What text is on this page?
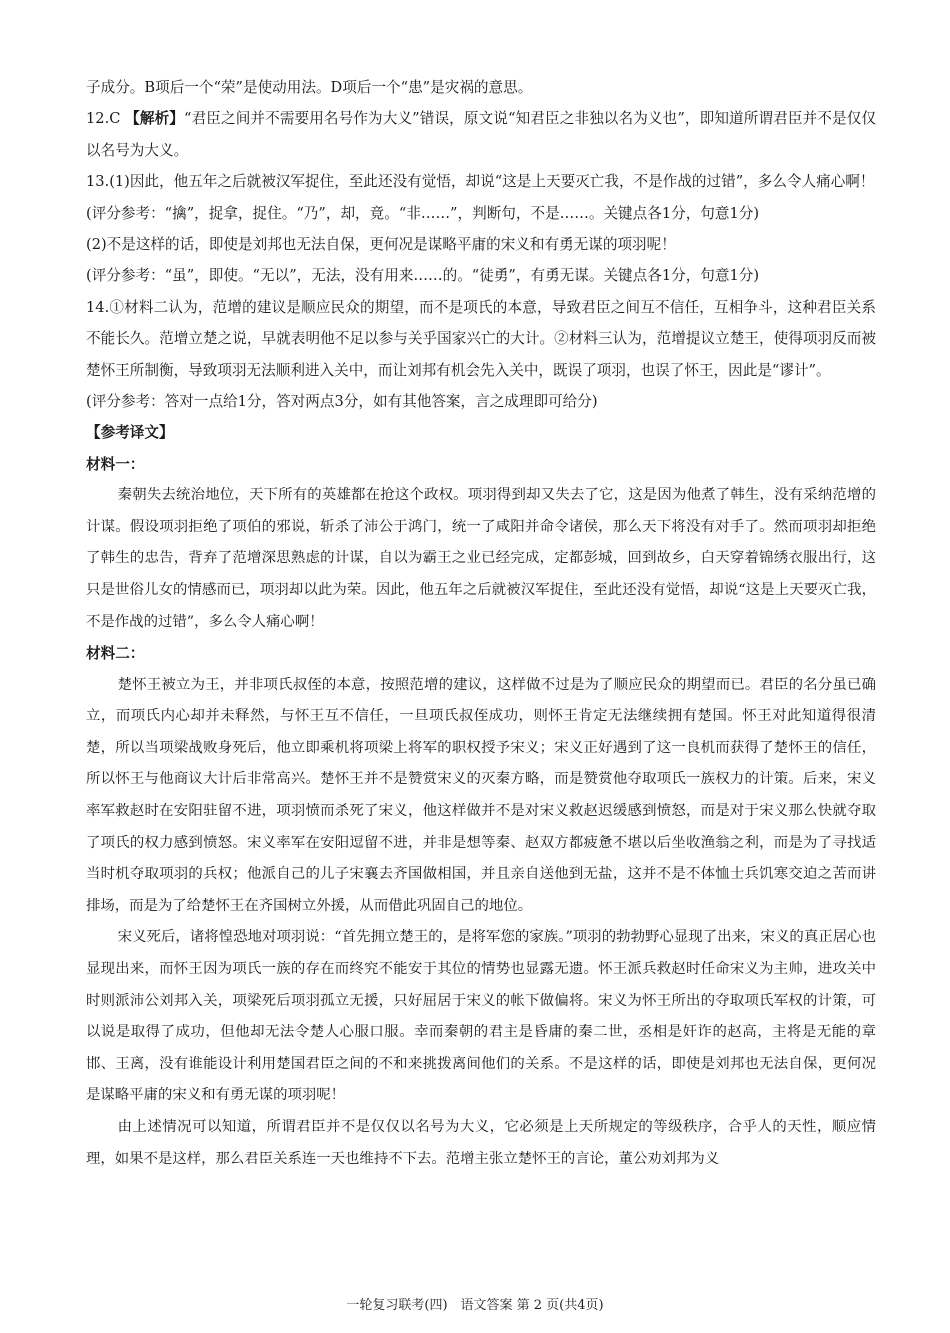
子成分。B项后一个“荣”是使动用法。D项后一个“患”是灾祸的意思。

12.C 【解析】“君臣之间并不需要用名号作为大义”错误，原文说“知君臣之非独以名为义也”，即知道所谓君臣并不是仅仅以名号为大义。

13.(1)因此，他五年之后就被汉军捉住，至此还没有觉悟，却说“这是上天要灭亡我，不是作战的过错”，多么令人痛心啊！

(评分参考：“擒”，捉拿，捉住。“乃”，却，竟。“非……”，判断句，不是……。关键点各1分，句意1分)

(2)不是这样的话，即使是刘邦也无法自保，更何况是谋略平庸的宋义和有勇无谋的项羽呢！

(评分参考：“虽”，即使。“无以”，无法，没有用来……的。“徒勇”，有勇无谋。关键点各1分，句意1分)

14.①材料二认为，范增的建议是顺应民众的期望，而不是项氏的本意，导致君臣之间互不信任，互相争斗，这种君臣关系不能长久。范增立楚之说，早就表明他不足以参与关乎国家兴亡的大计。②材料三认为，范增提议立楚王，使得项羽反而被楚怀王所制衡，导致项羽无法顺利进入关中，而让刘邦有机会先入关中，既误了项羽，也误了怀王，因此是“谬计”。

(评分参考：答对一点给1分，答对两点3分，如有其他答案，言之成理即可给分)

【参考译文】

材料一：

秦朝失去统治地位，天下所有的英雄都在抢这个政权。项羽得到却又失去了它，这是因为他煮了韩生，没有采纳范增的计谋。假设项羽拒绝了项伯的邪说，斩杀了沛公于鸿门，统一了咸阳并命令诸侯，那么天下将没有对手了。然而项羽却拒绝了韩生的忠告，背弃了范增深思熟虑的计谋，自以为霸王之业已经完成，定都彭城，回到故乡，白天穿着锦绣衣服出行，这只是世俗儿女的情感而已，项羽却以此为荣。因此，他五年之后就被汉军捉住，至此还没有觉悟，却说“这是上天要灭亡我，不是作战的过错”，多么令人痛心啊！

材料二：

楚怀王被立为王，并非项氏叔侄的本意，按照范增的建议，这样做不过是为了顺应民众的期望而已。君臣的名分虽已确立，而项氏内心却并未释然，与怀王互不信任，一旦项氏叔侄成功，则怀王肯定无法继续拥有楚国。怀王对此知道得很清楚，所以当项梁战败身死后，他立即乘机将项梁上将军的职权授予宋义；宋义正好遇到了这一良机而获得了楚怀王的信任，所以怀王与他商议大计后非常高兴。楚怀王并不是赞赏宋义的灭秦方略，而是赞赏他夺取项氏一族权力的计策。后来，宋义率军救赵时在安阳驻留不进，项羽愤而杀死了宋义，他这样做并不是对宋义救赵迟缓感到愤怒，而是对于宋义那么快就夺取了项氏的权力感到愤怒。宋义率军在安阳逗留不进，并非是想等秦、赵双方都疲惫不堪以后坐收渔翁之利，而是为了寻找适当时机夺取项羽的兵权；他派自己的儿子宋襄去齐国做相国，并且亲自送他到无盐，这并不是不体恤士兵饥寒交迫之苦而讲排场，而是为了给楚怀王在齐国树立外援，从而借此巩固自己的地位。

宋义死后，诸将惶恐地对项羽说：“首先拥立楚王的，是将军您的家族。”项羽的勃勃野心显现了出来，宋义的真正居心也显现出来，而怀王因为项氏一族的存在而终究不能安于其位的情势也显露无遗。怀王派兵救赵时任命宋义为主帅，进攻关中时则派沛公刘邦入关，项梁死后项羽孤立无援，只好屈居于宋义的帐下做偏将。宋义为怀王所出的夺取项氏军权的计策，可以说是取得了成功，但他却无法令楚人心服口服。幸而秦朝的君主是昏庸的秦二世，丞相是奸诈的赵高，主将是无能的章邯、王离，没有谁能设计利用楚国君臣之间的不和来挑拨离间他们的关系。不是这样的话，即使是刘邦也无法自保，更何况是谋略平庸的宋义和有勇无谋的项羽呢！

由上述情况可以知道，所谓君臣并不是仅仅以名号为大义，它必须是上天所规定的等级秩序，合乎人的天性，顺应情理，如果不是这样，那么君臣关系连一天也维持不下去。范增主张立楚怀王的言论，董公劝刘邦为义

一轮复习联考(四)　语文答案 第 2 页(共4页)
